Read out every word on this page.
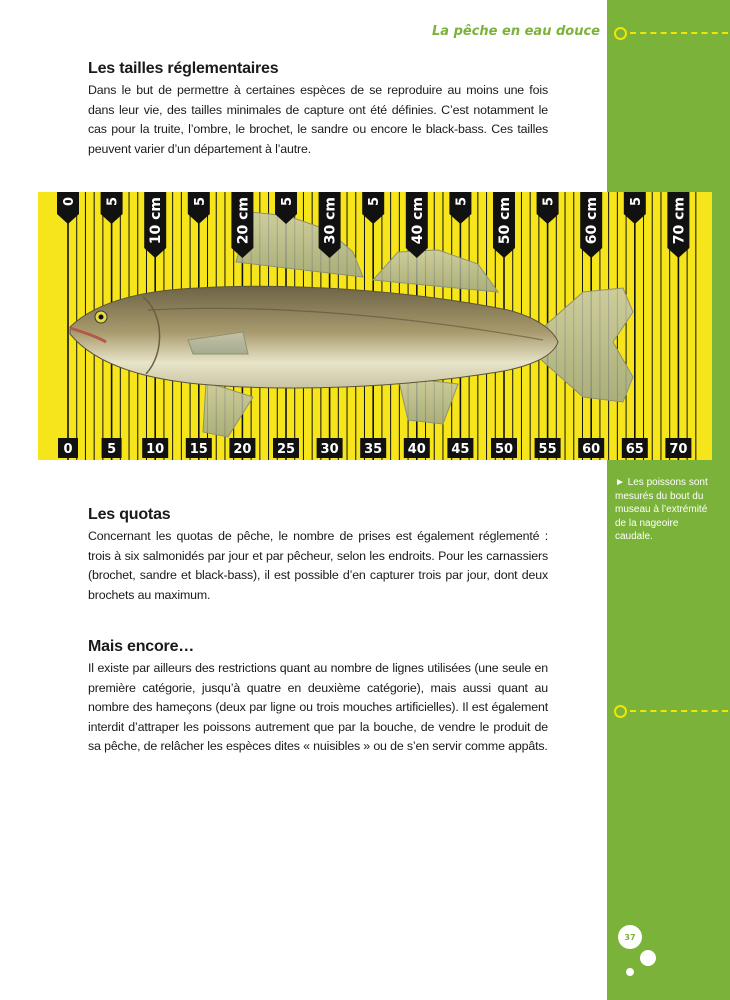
La pêche en eau douce
Les tailles réglementaires

Dans le but de permettre à certaines espèces de se reproduire au moins une fois dans leur vie, des tailles minimales de capture ont été définies. C’est notamment le cas pour la truite, l’ombre, le brochet, le sandre ou encore le black-bass. Ces tailles peuvent varier d’un département à l’autre.

0 5 10 cm 5 20 cm 5 30 cm 5 40 cm 5 50 cm 5 60 cm 5 70 cm
0	5 10 15 20 25 30 35 40 45 50 55 60 65 70
► Les poissons sont mesurés du bout du museau à l’extrémité de la nageoire caudale.
Les quotas

Concernant les quotas de pêche, le nombre de prises est également réglementé : trois à six salmonidés par jour et par pêcheur, selon les endroits. Pour les carnassiers (brochet, sandre et black-bass), il est possible d’en capturer trois par jour, dont deux brochets au maximum.

Mais encore…

Il existe par ailleurs des restrictions quant au nombre de lignes utilisées (une seule en première catégorie, jusqu’à quatre en deuxième catégorie), mais aussi quant au nombre des hameçons (deux par ligne ou trois mouches artificielles). Il est également interdit d’attraper les poissons autrement que par la bouche, de vendre le produit de sa pêche, de relâcher les espèces dites « nuisibles » ou de s’en servir comme appâts.

37
